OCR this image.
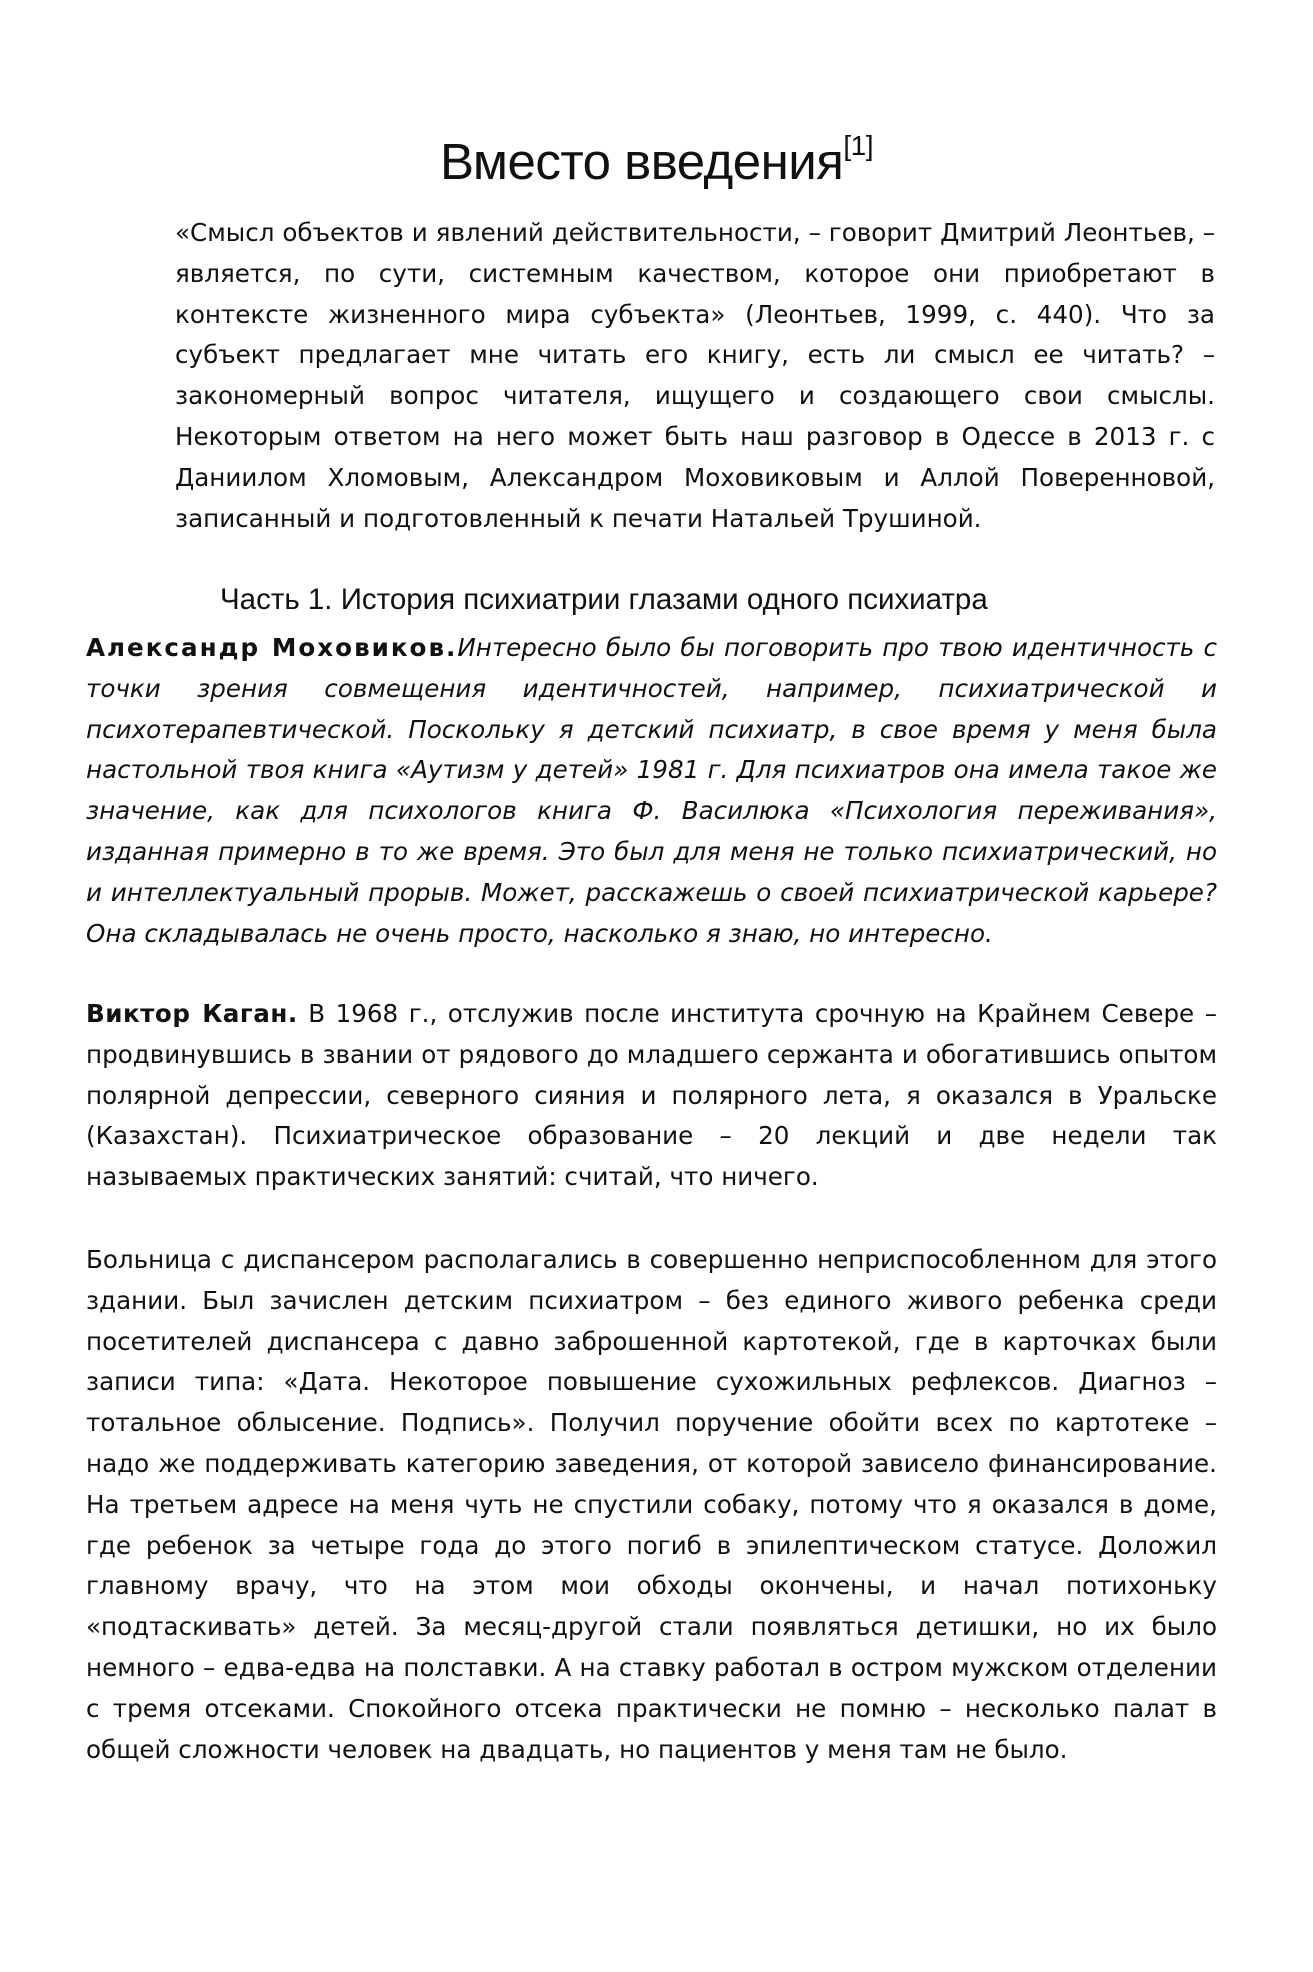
Вместо введения[1]

«Смысл объектов и явлений действительности, – говорит Дмитрий Леонтьев, – является, по сути, системным качеством, которое они приобретают в контексте жизненного мира субъекта» (Леонтьев, 1999, с. 440). Что за субъект предлагает мне читать его книгу, есть ли смысл ее читать? – закономерный вопрос читателя, ищущего и создающего свои смыслы. Некоторым ответом на него может быть наш разговор в Одессе в 2013 г. с Даниилом Хломовым, Александром Моховиковым и Аллой Поверенновой, записанный и подготовленный к печати Натальей Трушиной.

Часть 1. История психиатрии глазами одного психиатра

Александр Моховиков.Интересно было бы поговорить про твою идентичность с точки зрения совмещения идентичностей, например, психиатрической и психотерапевтической. Поскольку я детский психиатр, в свое время у меня была настольной твоя книга «Аутизм у детей» 1981 г. Для психиатров она имела такое же значение, как для психологов книга Ф. Василюка «Психология переживания», изданная примерно в то же время. Это был для меня не только психиатрический, но и интеллектуальный прорыв. Может, расскажешь о своей психиатрической карьере? Она складывалась не очень просто, насколько я знаю, но интересно.

Виктор Каган. В 1968 г., отслужив после института срочную на Крайнем Севере – продвинувшись в звании от рядового до младшего сержанта и обогатившись опытом полярной депрессии, северного сияния и полярного лета, я оказался в Уральске (Казахстан). Психиатрическое образование – 20 лекций и две недели так называемых практических занятий: считай, что ничего.

Больница с диспансером располагались в совершенно неприспособленном для этого здании. Был зачислен детским психиатром – без единого живого ребенка среди посетителей диспансера с давно заброшенной картотекой, где в карточках были записи типа: «Дата. Некоторое повышение сухожильных рефлексов. Диагноз – тотальное облысение. Подпись». Получил поручение обойти всех по картотеке – надо же поддерживать категорию заведения, от которой зависело финансирование. На третьем адресе на меня чуть не спустили собаку, потому что я оказался в доме, где ребенок за четыре года до этого погиб в эпилептическом статусе. Доложил главному врачу, что на этом мои обходы окончены, и начал потихоньку «подтаскивать» детей. За месяц-другой стали появляться детишки, но их было немного – едва-едва на полставки. А на ставку работал в остром мужском отделении с тремя отсеками. Спокойного отсека практически не помню – несколько палат в общей сложности человек на двадцать, но пациентов у меня там не было.
